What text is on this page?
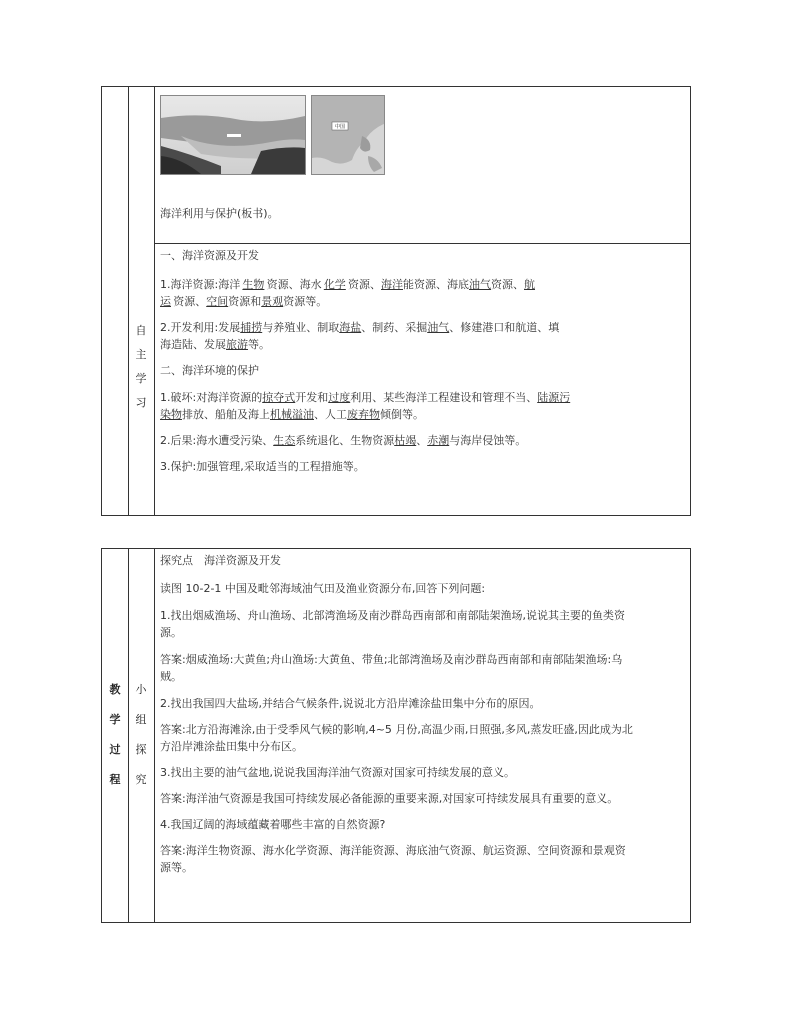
自
主
学
习
中国

海洋利用与保护(板书)。

一、海洋资源及开发

1.海洋资源:海洋  生物  资源、海水  化学  资源、海洋能资源、海底油气资源、航
运  资源、空间资源和景观资源等。

2.开发利用:发展捕捞与养殖业、制取海盐、制药、采掘油气、修建港口和航道、填
海造陆、发展旅游等。

二、海洋环境的保护

1.破坏:对海洋资源的掠夺式开发和过度利用、某些海洋工程建设和管理不当、陆源污
染物排放、船舶及海上机械溢油、人工废弃物倾倒等。

2.后果:海水遭受污染、生态系统退化、生物资源枯竭、赤潮与海岸侵蚀等。

3.保护:加强管理,采取适当的工程措施等。

教
学
过
程
小
组
探
究

探究点　海洋资源及开发

读图 10-2-1 中国及毗邻海域油气田及渔业资源分布,回答下列问题:

1.找出烟威渔场、舟山渔场、北部湾渔场及南沙群岛西南部和南部陆架渔场,说说其主要的鱼类资
源。

答案:烟威渔场:大黄鱼;舟山渔场:大黄鱼、带鱼;北部湾渔场及南沙群岛西南部和南部陆架渔场:乌
贼。

2.找出我国四大盐场,并结合气候条件,说说北方沿岸滩涂盐田集中分布的原因。

答案:北方沿海滩涂,由于受季风气候的影响,4~5 月份,高温少雨,日照强,多风,蒸发旺盛,因此成为北
方沿岸滩涂盐田集中分布区。

3.找出主要的油气盆地,说说我国海洋油气资源对国家可持续发展的意义。

答案:海洋油气资源是我国可持续发展必备能源的重要来源,对国家可持续发展具有重要的意义。

4.我国辽阔的海域蕴藏着哪些丰富的自然资源?

答案:海洋生物资源、海水化学资源、海洋能资源、海底油气资源、航运资源、空间资源和景观资
源等。
